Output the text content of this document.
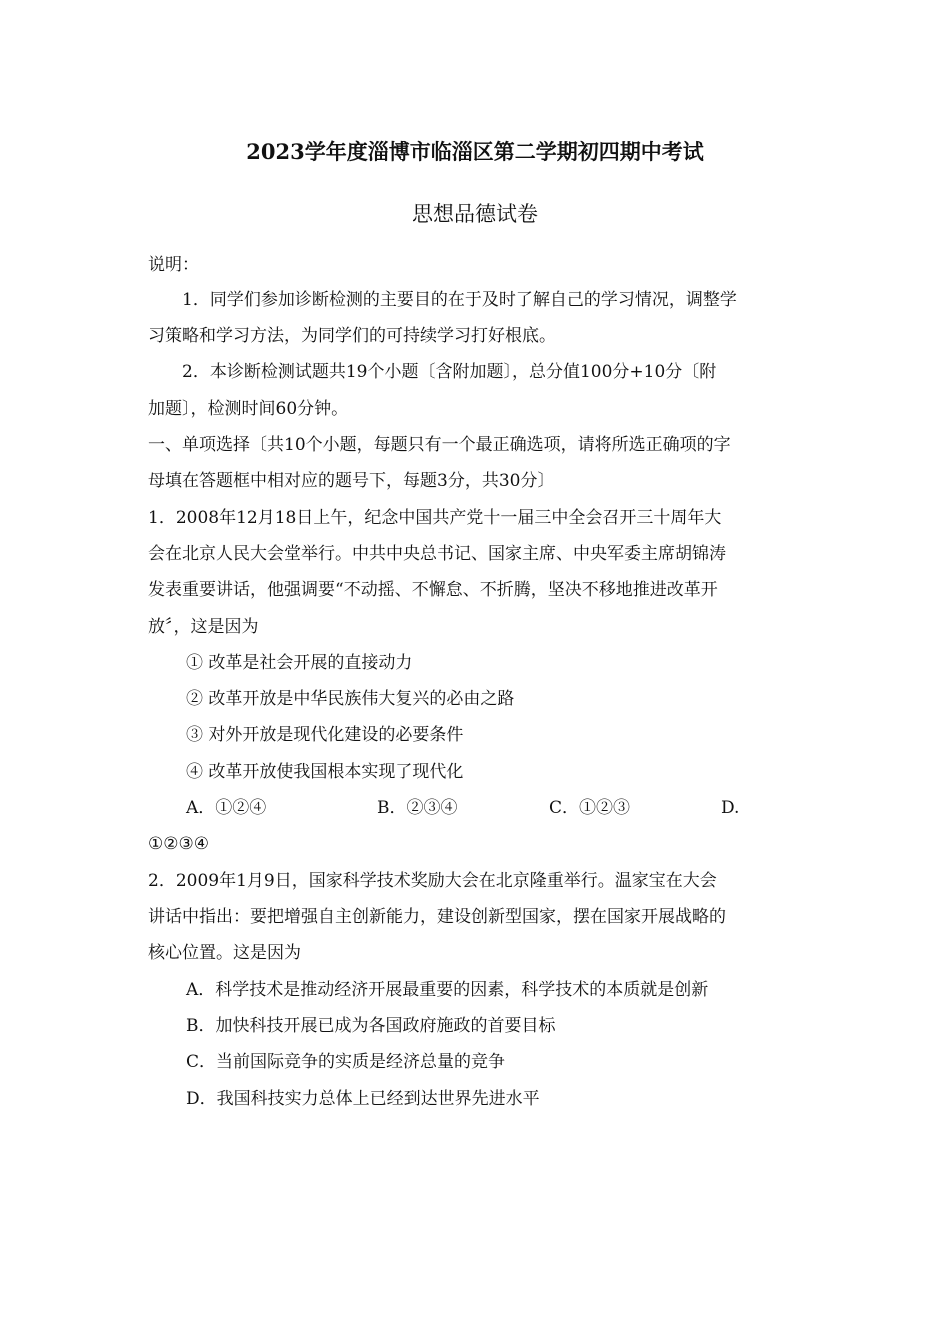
2023学年度淄博市临淄区第二学期初四期中考试
思想品德试卷
说明：
1．同学们参加诊断检测的主要目的在于及时了解自己的学习情况，调整学
习策略和学习方法，为同学们的可持续学习打好根底。
2．本诊断检测试题共19个小题〔含附加题〕，总分值100分+10分〔附
加题〕，检测时间60分钟。
一、单项选择〔共10个小题，每题只有一个最正确选项，请将所选正确项的字
母填在答题框中相对应的题号下，每题3分，共30分〕
1．2008年12月18日上午，纪念中国共产党十一届三中全会召开三十周年大
会在北京人民大会堂举行。中共中央总书记、国家主席、中央军委主席胡锦涛
发表重要讲话，他强调要“不动摇、不懈怠、不折腾，坚决不移地推进改革开
放〞，这是因为
① 改革是社会开展的直接动力
② 改革开放是中华民族伟大复兴的必由之路
③ 对外开放是现代化建设的必要条件
④ 改革开放使我国根本实现了现代化
A．①②④	B．②③④	C．①②③	D.
①②③④
2．2009年1月9日，国家科学技术奖励大会在北京隆重举行。温家宝在大会
讲话中指出：要把增强自主创新能力，建设创新型国家，摆在国家开展战略的
核心位置。这是因为
A．科学技术是推动经济开展最重要的因素，科学技术的本质就是创新
B．加快科技开展已成为各国政府施政的首要目标
C．当前国际竞争的实质是经济总量的竞争
D．我国科技实力总体上已经到达世界先进水平
